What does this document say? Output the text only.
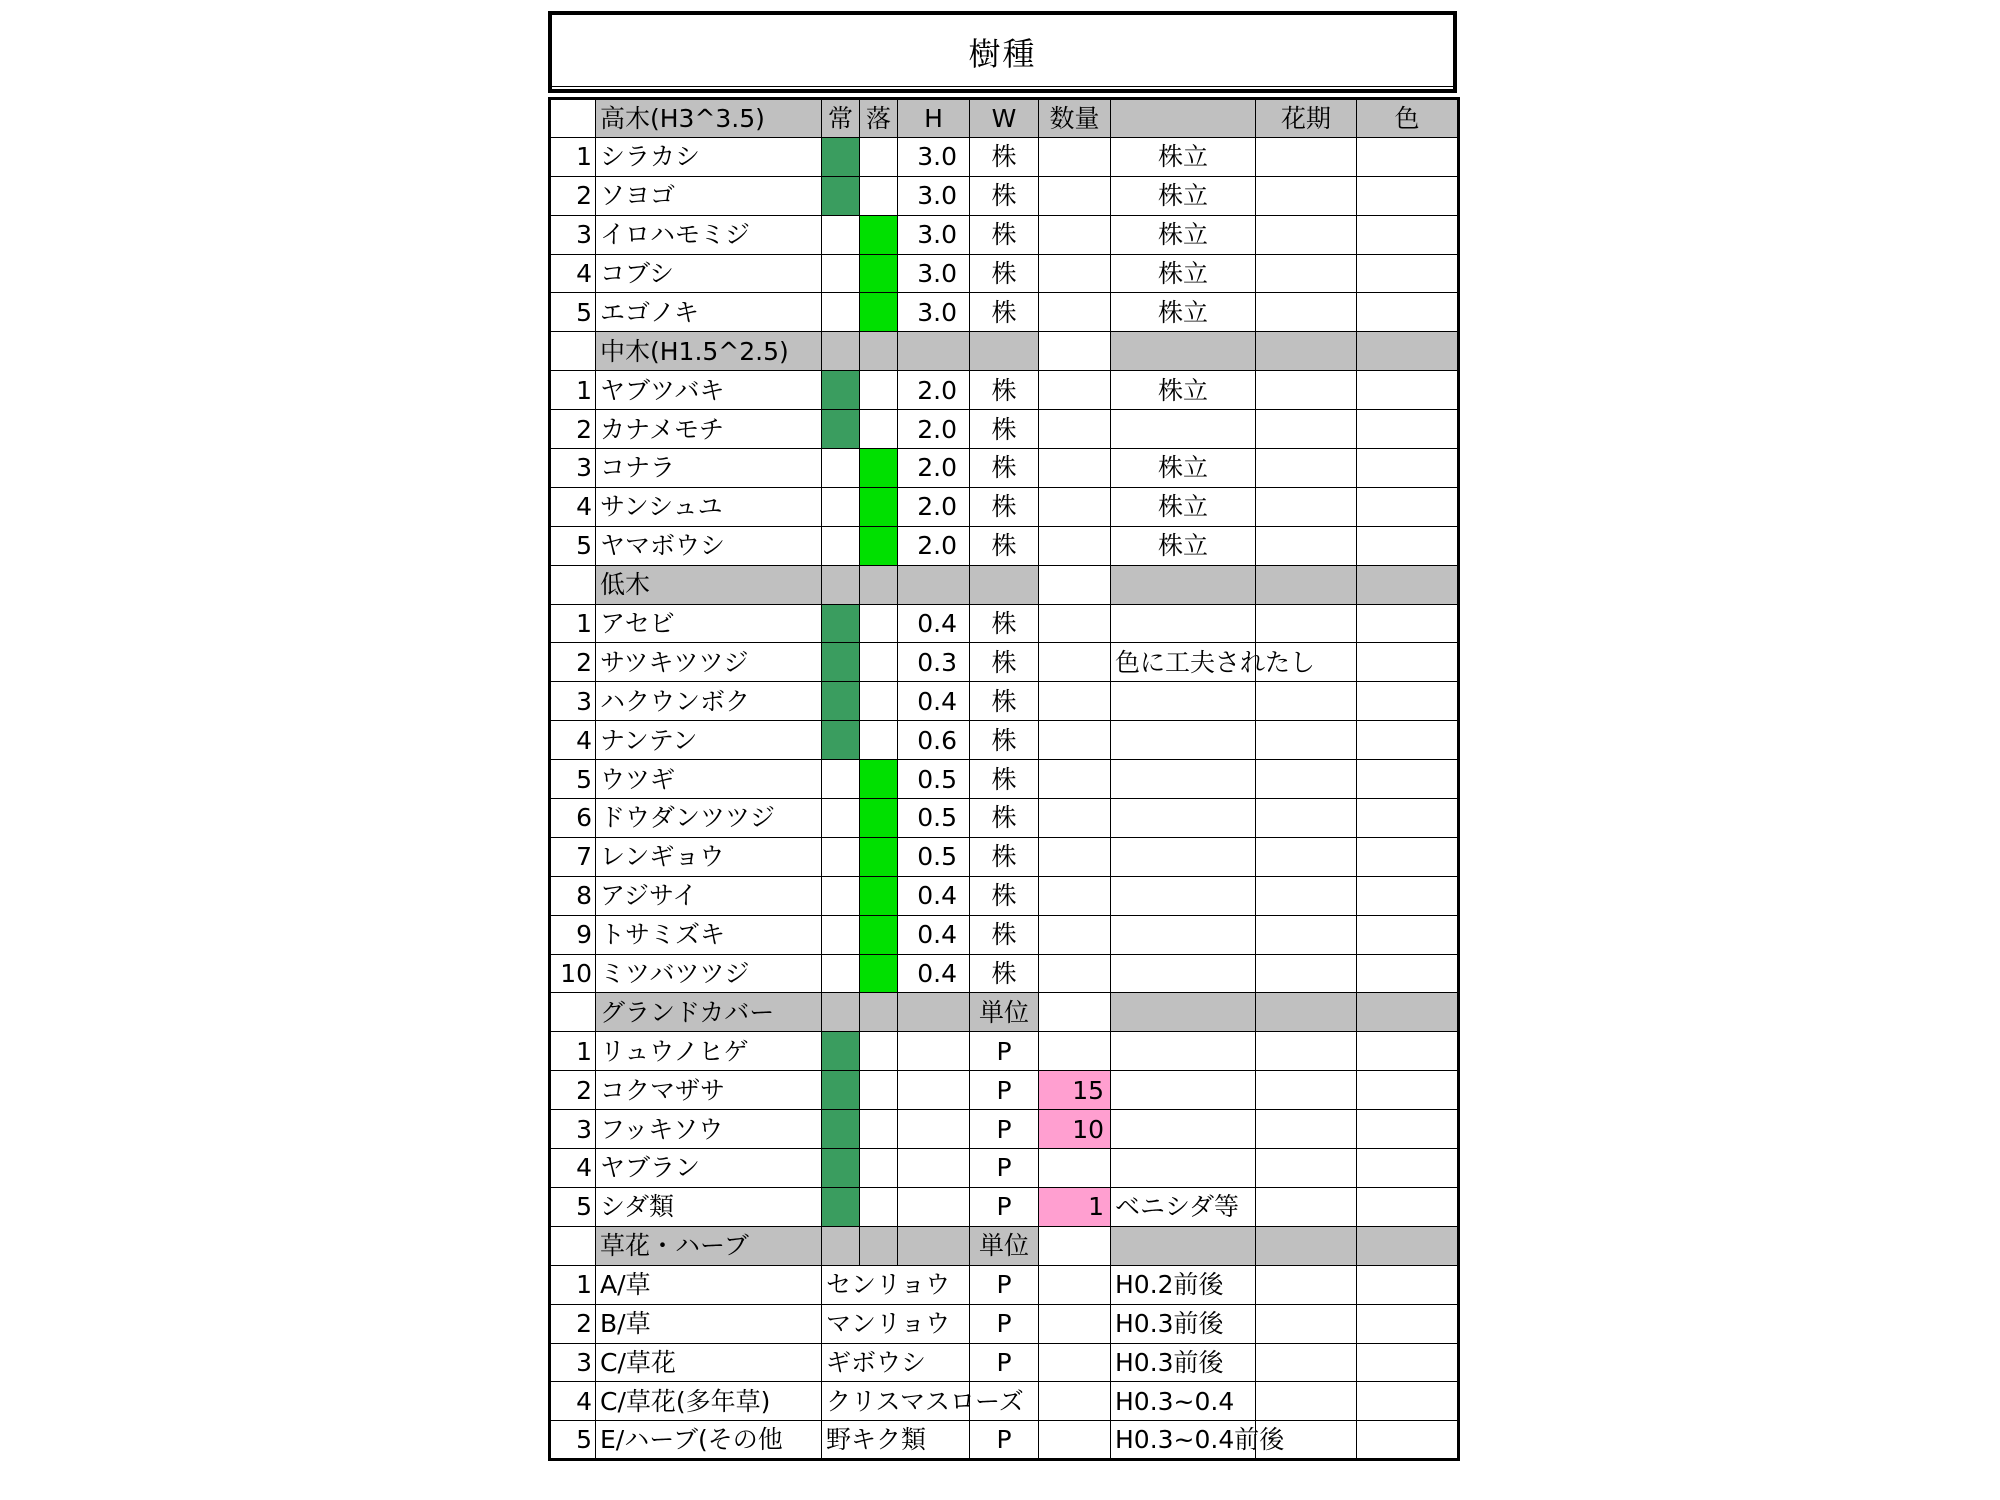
樹種
	高木(H3^3.5)	常	落	H	W	数量		花期	色
1	シラカシ			3.0	株		株立		
2	ソヨゴ			3.0	株		株立		
3	イロハモミジ			3.0	株		株立		
4	コブシ			3.0	株		株立		
5	エゴノキ			3.0	株		株立		
	中木(H1.5^2.5)								
1	ヤブツバキ			2.0	株		株立		
2	カナメモチ			2.0	株				
3	コナラ			2.0	株		株立		
4	サンシュユ			2.0	株		株立		
5	ヤマボウシ			2.0	株		株立		
	低木								
1	アセビ			0.4	株				
2	サツキツツジ			0.3	株		色に工夫されたし		
3	ハクウンボク			0.4	株				
4	ナンテン			0.6	株				
5	ウツギ			0.5	株				
6	ドウダンツツジ			0.5	株				
7	レンギョウ			0.5	株				
8	アジサイ			0.4	株				
9	トサミズキ			0.4	株				
10	ミツバツツジ			0.4	株				
	グランドカバー				単位				
1	リュウノヒゲ				P				
2	コクマザサ				P	15			
3	フッキソウ				P	10			
4	ヤブラン				P				
5	シダ類				P	1	ベニシダ等		
	草花・ハーブ				単位				
1	A/草	センリョウ			P		H0.2前後		
2	B/草	マンリョウ			P		H0.3前後		
3	C/草花	ギボウシ			P		H0.3前後		
4	C/草花(多年草)	クリスマスローズ					H0.3~0.4		
5	E/ハーブ(その他	野キク類			P		H0.3~0.4前後		
